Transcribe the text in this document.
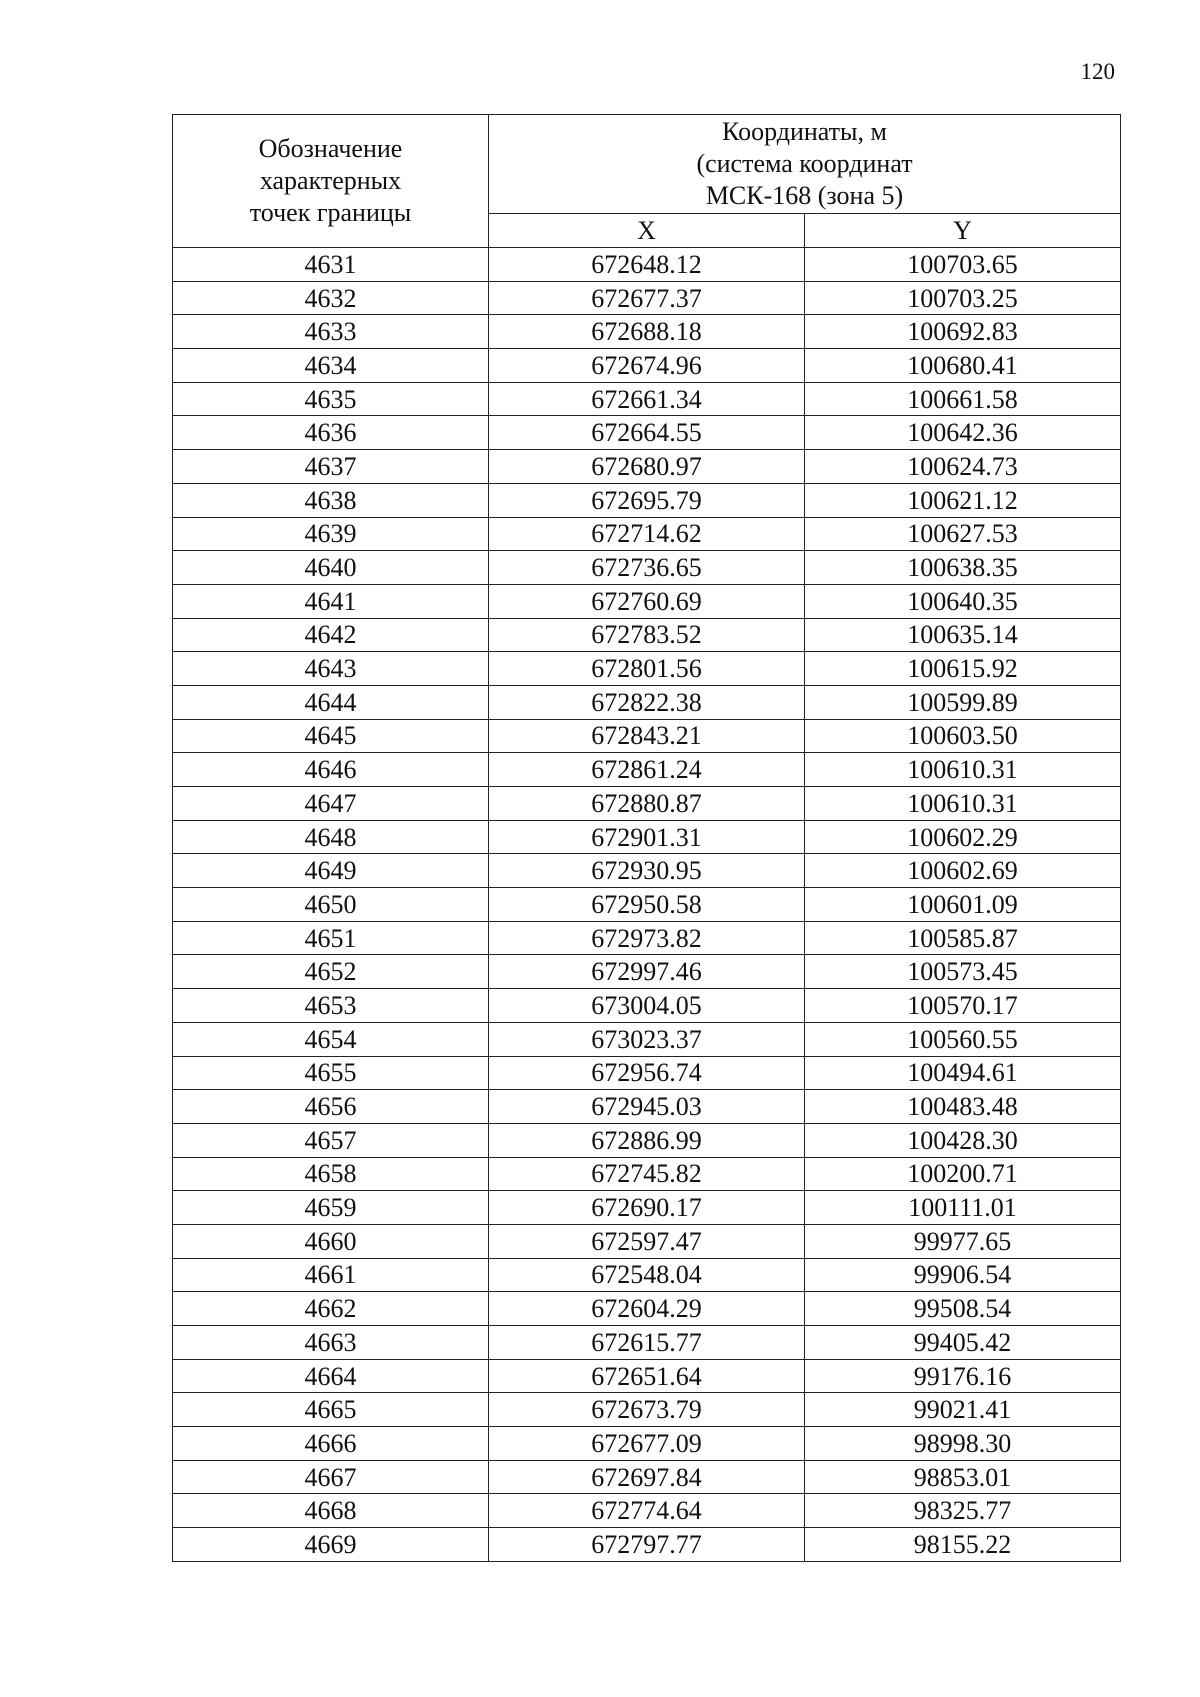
120
Обозначение
характерных
точек границы	Координаты, м
(система координат
МСК-168 (зона 5)	

	X	Y
4631	672648.12	100703.65
4632	672677.37	100703.25
4633	672688.18	100692.83
4634	672674.96	100680.41
4635	672661.34	100661.58
4636	672664.55	100642.36
4637	672680.97	100624.73
4638	672695.79	100621.12
4639	672714.62	100627.53
4640	672736.65	100638.35
4641	672760.69	100640.35
4642	672783.52	100635.14
4643	672801.56	100615.92
4644	672822.38	100599.89
4645	672843.21	100603.50
4646	672861.24	100610.31
4647	672880.87	100610.31
4648	672901.31	100602.29
4649	672930.95	100602.69
4650	672950.58	100601.09
4651	672973.82	100585.87
4652	672997.46	100573.45
4653	673004.05	100570.17
4654	673023.37	100560.55
4655	672956.74	100494.61
4656	672945.03	100483.48
4657	672886.99	100428.30
4658	672745.82	100200.71
4659	672690.17	100111.01
4660	672597.47	99977.65
4661	672548.04	99906.54
4662	672604.29	99508.54
4663	672615.77	99405.42
4664	672651.64	99176.16
4665	672673.79	99021.41
4666	672677.09	98998.30
4667	672697.84	98853.01
4668	672774.64	98325.77
4669	672797.77	98155.22
